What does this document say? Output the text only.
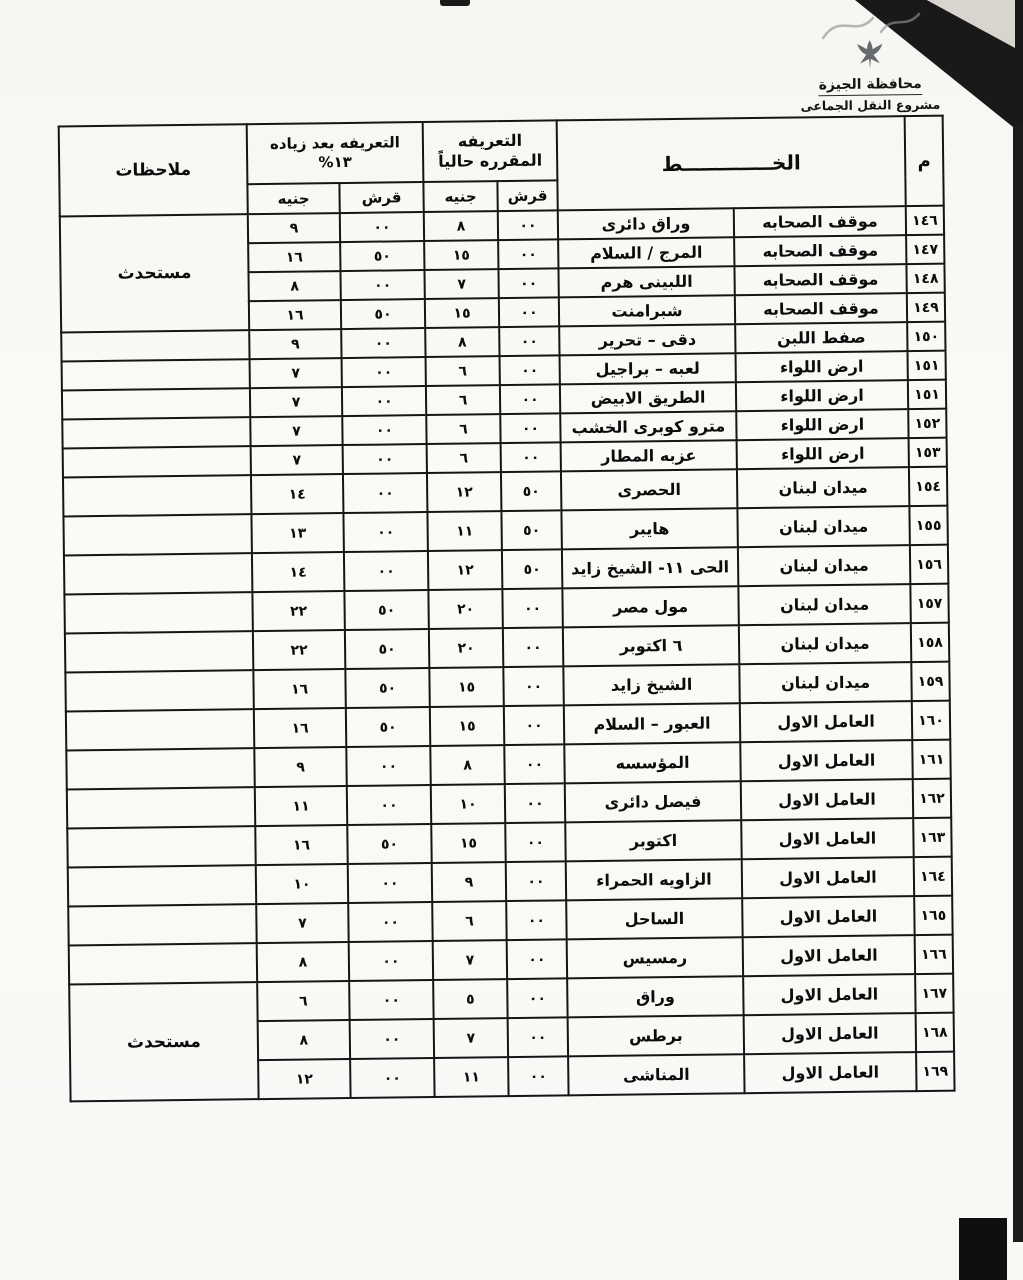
محافظة الجيزة
مشروع النقل الجماعى
م	الخـــــــــــــط		التعريفه المقرره حالياً		التعريفه بعد زياده ١٣%		ملاحظات
			قرش	جنيه	قرش	جنيه	
١٤٦	موقف الصحابه	وراق دائرى	٠٠	٨	٠٠	٩	مستحدث
١٤٧	موقف الصحابه	المرج / السلام	٠٠	١٥	٥٠	١٦	
١٤٨	موقف الصحابه	اللبينى هرم	٠٠	٧	٠٠	٨	
١٤٩	موقف الصحابه	شبرامنت	٠٠	١٥	٥٠	١٦	
١٥٠	صفط اللبن	دقى – تحرير	٠٠	٨	٠٠	٩	
١٥١	ارض اللواء	لعبه – براجيل	٠٠	٦	٠٠	٧	
١٥١	ارض اللواء	الطريق الابيض	٠٠	٦	٠٠	٧	
١٥٢	ارض اللواء	مترو كوبرى الخشب	٠٠	٦	٠٠	٧	
١٥٣	ارض اللواء	عزبه المطار	٠٠	٦	٠٠	٧	
١٥٤	ميدان لبنان	الحصرى	٥٠	١٢	٠٠	١٤	
١٥٥	ميدان لبنان	هايبر	٥٠	١١	٠٠	١٣	
١٥٦	ميدان لبنان	الحى ١١- الشيخ زايد	٥٠	١٢	٠٠	١٤	
١٥٧	ميدان لبنان	مول مصر	٠٠	٢٠	٥٠	٢٢	
١٥٨	ميدان لبنان	٦ اكتوبر	٠٠	٢٠	٥٠	٢٢	
١٥٩	ميدان لبنان	الشيخ زايد	٠٠	١٥	٥٠	١٦	
١٦٠	العامل الاول	العبور – السلام	٠٠	١٥	٥٠	١٦	
١٦١	العامل الاول	المؤسسه	٠٠	٨	٠٠	٩	
١٦٢	العامل الاول	فيصل دائرى	٠٠	١٠	٠٠	١١	
١٦٣	العامل الاول	اكتوبر	٠٠	١٥	٥٠	١٦	
١٦٤	العامل الاول	الزاويه الحمراء	٠٠	٩	٠٠	١٠	
١٦٥	العامل الاول	الساحل	٠٠	٦	٠٠	٧	
١٦٦	العامل الاول	رمسيس	٠٠	٧	٠٠	٨	
١٦٧	العامل الاول	وراق	٠٠	٥	٠٠	٦	مستحدث
١٦٨	العامل الاول	برطس	٠٠	٧	٠٠	٨	
١٦٩	العامل الاول	المناشى	٠٠	١١	٠٠	١٢	
